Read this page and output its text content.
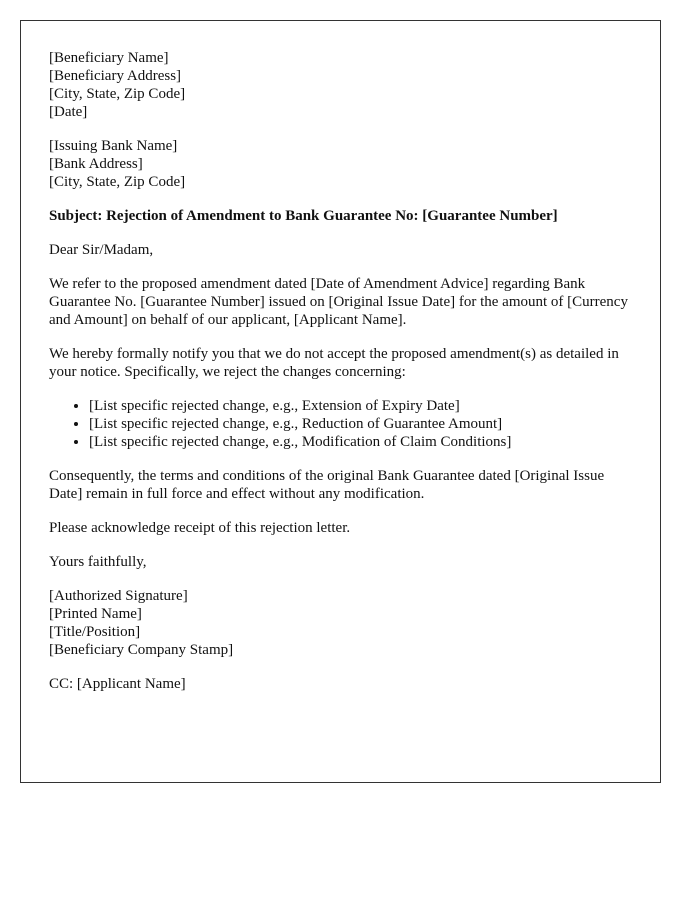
[Beneficiary Name]
[Beneficiary Address]
[City, State, Zip Code]
[Date]

[Issuing Bank Name]
[Bank Address]
[City, State, Zip Code]

Subject: Rejection of Amendment to Bank Guarantee No: [Guarantee Number]

Dear Sir/Madam,

We refer to the proposed amendment dated [Date of Amendment Advice] regarding Bank Guarantee No. [Guarantee Number] issued on [Original Issue Date] for the amount of [Currency and Amount] on behalf of our applicant, [Applicant Name].

We hereby formally notify you that we do not accept the proposed amendment(s) as detailed in your notice. Specifically, we reject the changes concerning:

• [List specific rejected change, e.g., Extension of Expiry Date]
• [List specific rejected change, e.g., Reduction of Guarantee Amount]
• [List specific rejected change, e.g., Modification of Claim Conditions]

Consequently, the terms and conditions of the original Bank Guarantee dated [Original Issue Date] remain in full force and effect without any modification.

Please acknowledge receipt of this rejection letter.

Yours faithfully,

[Authorized Signature]
[Printed Name]
[Title/Position]
[Beneficiary Company Stamp]

CC: [Applicant Name]
